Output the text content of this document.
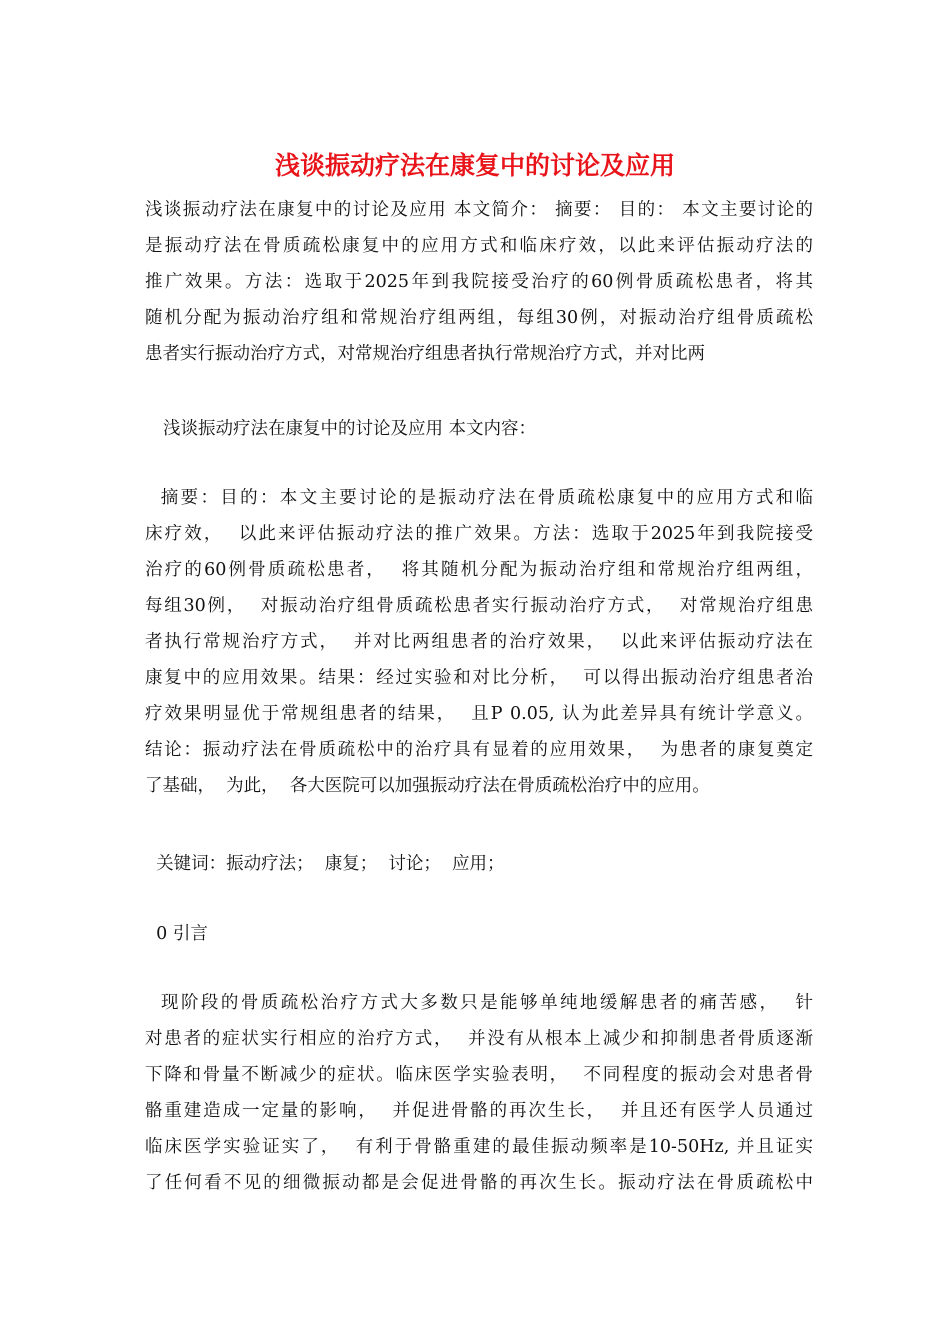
浅谈振动疗法在康复中的讨论及应用
浅谈振动疗法在康复中的讨论及应用 本文简介： 摘要： 目的： 本文主要讨论的
是振动疗法在骨质疏松康复中的应用方式和临床疗效，以此来评估振动疗法的
推广效果。方法：选取于2025年到我院接受治疗的60例骨质疏松患者，将其
随机分配为振动治疗组和常规治疗组两组，每组30例，对振动治疗组骨质疏松
患者实行振动治疗方式，对常规治疗组患者执行常规治疗方式，并对比两
浅谈振动疗法在康复中的讨论及应用 本文内容：
摘要：目的：本文主要讨论的是振动疗法在骨质疏松康复中的应用方式和临
床疗效，  以此来评估振动疗法的推广效果。方法：选取于2025年到我院接受
治疗的60例骨质疏松患者，  将其随机分配为振动治疗组和常规治疗组两组，
每组30例，  对振动治疗组骨质疏松患者实行振动治疗方式，  对常规治疗组患
者执行常规治疗方式，  并对比两组患者的治疗效果，  以此来评估振动疗法在
康复中的应用效果。结果：经过实验和对比分析，  可以得出振动治疗组患者治
疗效果明显优于常规组患者的结果，  且P 0.05, 认为此差异具有统计学意义。
结论：振动疗法在骨质疏松中的治疗具有显着的应用效果，  为患者的康复奠定
了基础，  为此，  各大医院可以加强振动疗法在骨质疏松治疗中的应用。
关键词：振动疗法；  康复；  讨论；  应用；
0 引言
现阶段的骨质疏松治疗方式大多数只是能够单纯地缓解患者的痛苦感，  针
对患者的症状实行相应的治疗方式，  并没有从根本上减少和抑制患者骨质逐渐
下降和骨量不断减少的症状。临床医学实验表明，  不同程度的振动会对患者骨
骼重建造成一定量的影响，  并促进骨骼的再次生长，  并且还有医学人员通过
临床医学实验证实了，  有利于骨骼重建的最佳振动频率是10-50Hz, 并且证实
了任何看不见的细微振动都是会促进骨骼的再次生长。振动疗法在骨质疏松中
